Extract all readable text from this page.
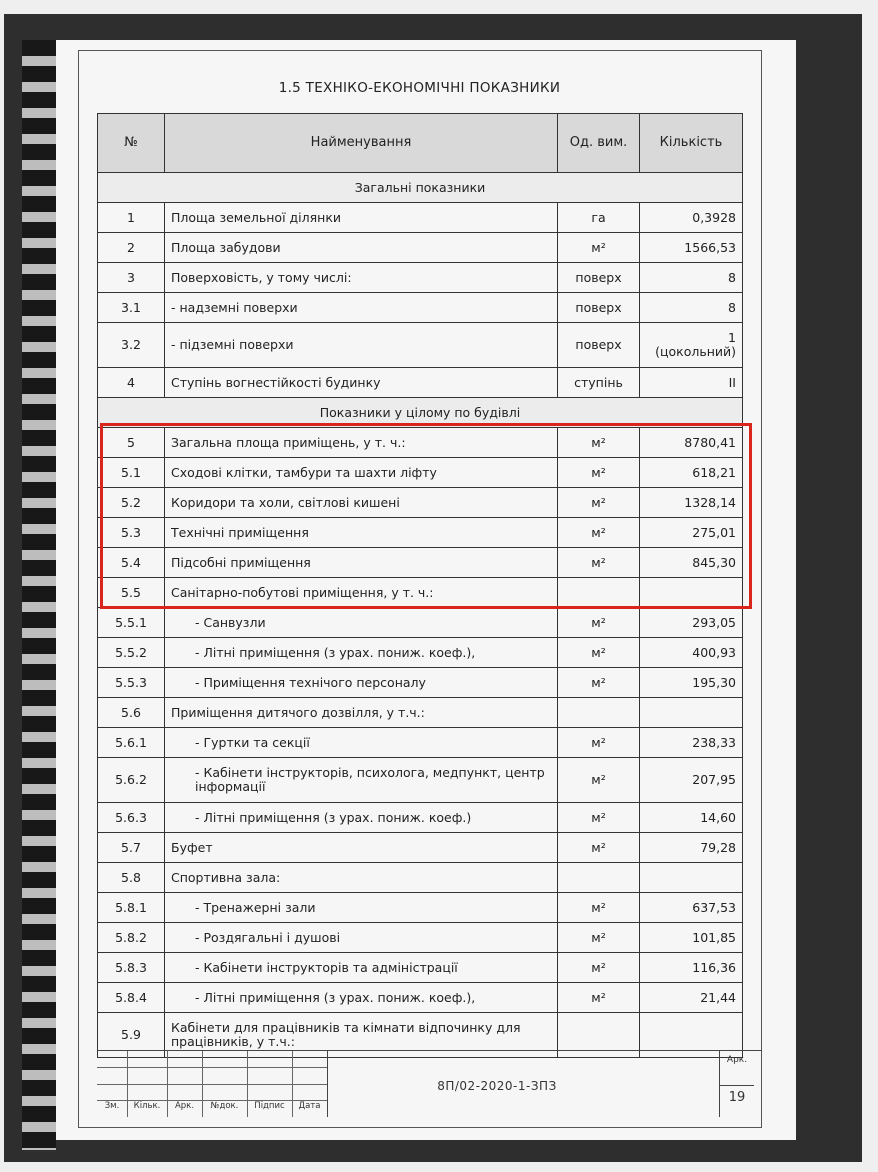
1.5 ТЕХНІКО-ЕКОНОМІЧНІ ПОКАЗНИКИ
№	Найменування	Од. вим.	Кількість
Загальні показники			
1	Площа земельної ділянки	га	0,3928
2	Площа забудови	м²	1566,53
3	Поверховість, у тому числі:	поверх	8
3.1	- надземні поверхи	поверх	8
3.2	- підземні поверхи	поверх	1 (цокольний)
4	Ступінь вогнестійкості будинку	ступінь	II
Показники у цілому по будівлі			
5	Загальна площа приміщень, у т. ч.:	м²	8780,41
5.1	Сходові клітки, тамбури та шахти ліфту	м²	618,21
5.2	Коридори та холи, світлові кишені	м²	1328,14
5.3	Технічні приміщення	м²	275,01
5.4	Підсобні приміщення	м²	845,30
5.5	Санітарно-побутові приміщення, у т. ч.:		
5.5.1	- Санвузли	м²	293,05
5.5.2	- Літні приміщення (з урах. пониж. коеф.),	м²	400,93
5.5.3	- Приміщення технічого персоналу	м²	195,30
5.6	Приміщення дитячого дозвілля, у т.ч.:		
5.6.1	- Гуртки та секції	м²	238,33
5.6.2	- Кабінети інструкторів, психолога, медпункт, центр інформації	м²	207,95
5.6.3	- Літні приміщення (з урах. пониж. коеф.)	м²	14,60
5.7	Буфет	м²	79,28
5.8	Спортивна зала:		
5.8.1	- Тренажерні зали	м²	637,53
5.8.2	- Роздягальні і душові	м²	101,85
5.8.3	- Кабінети інструкторів та адміністрації	м²	116,36
5.8.4	- Літні приміщення (з урах. пониж. коеф.),	м²	21,44
5.9	Кабінети для працівників та кімнати відпочинку для працівників, у т.ч.:		
Зм.	Кільк.	Арк.	№док.	Підпис	Дата
8П/02-2020-1-ЗПЗ
Арк.
19
